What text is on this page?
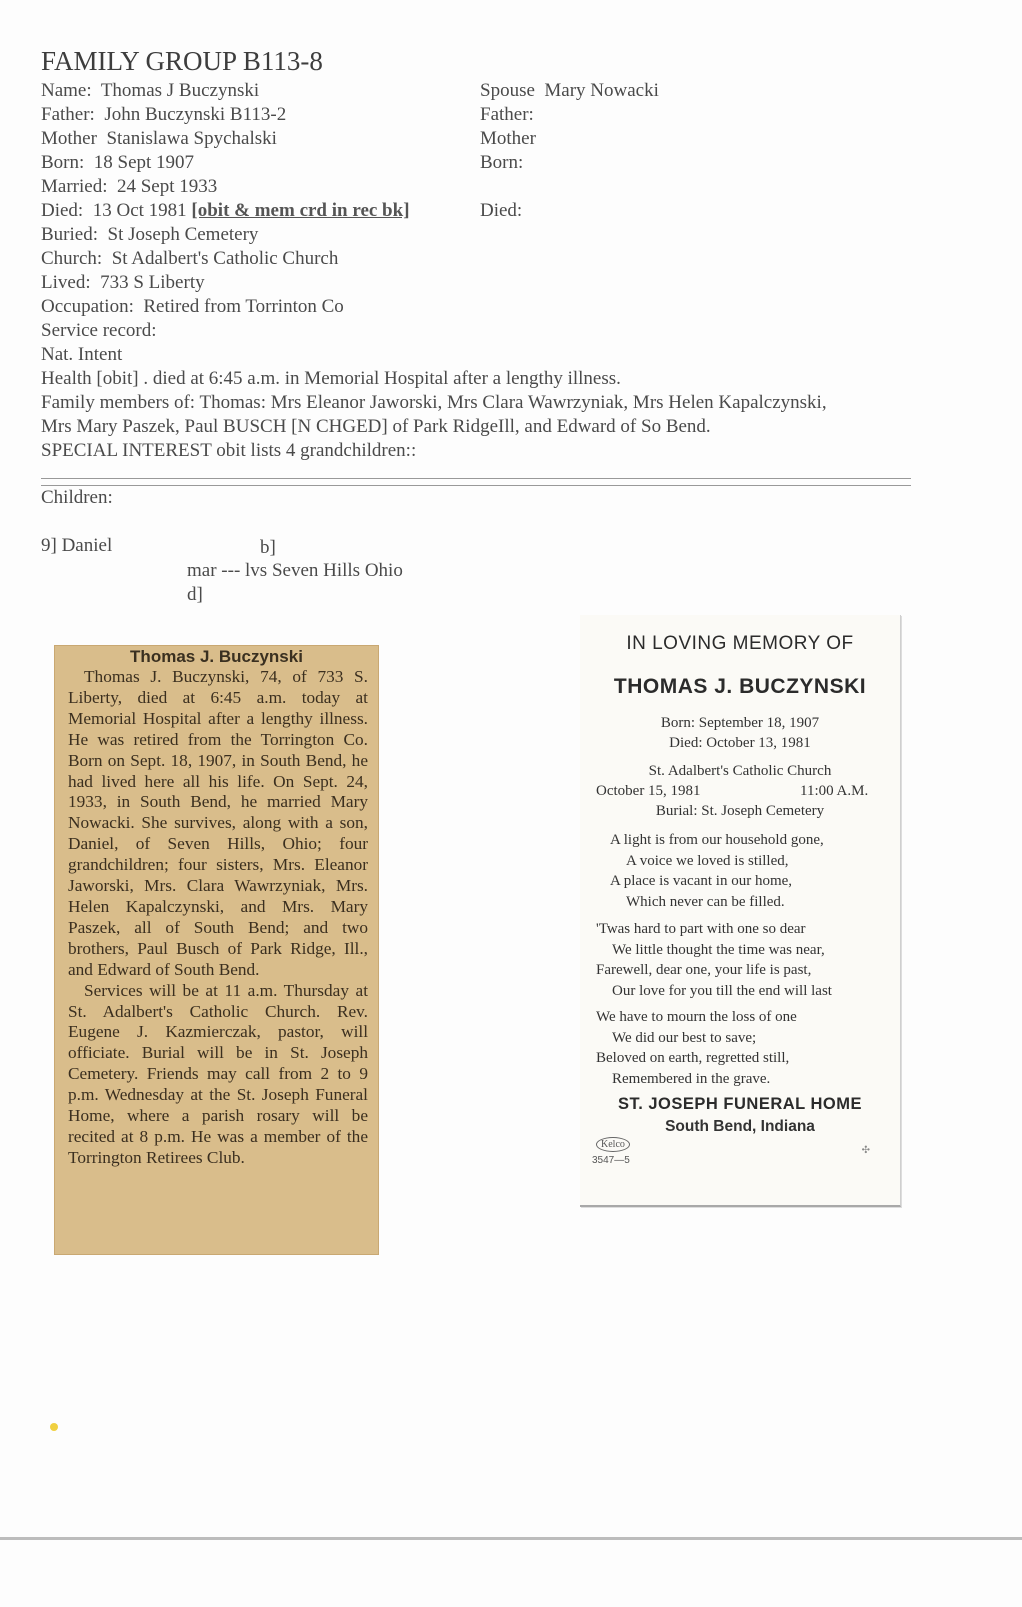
FAMILY GROUP B113-8
Name: Thomas J Buczynski
Father: John Buczynski B113-2
Mother Stanislawa Spychalski
Born: 18 Sept 1907
Married: 24 Sept 1933
Died: 13 Oct 1981 [obit & mem crd in rec bk]
Buried: St Joseph Cemetery
Church: St Adalbert's Catholic Church
Lived: 733 S Liberty
Occupation: Retired from Torrinton Co
Service record:
Nat. Intent
Spouse Mary Nowacki
Father:
Mother
Born:
Died:
Health [obit] . died at 6:45 a.m. in Memorial Hospital after a lengthy illness.
Family members of: Thomas: Mrs Eleanor Jaworski, Mrs Clara Wawrzyniak, Mrs Helen Kapalczynski,
Mrs Mary Paszek, Paul BUSCH [N CHGED] of Park RidgeIll, and Edward of So Bend.
SPECIAL INTEREST obit lists 4 grandchildren::
Children:
9] Daniel	b]
mar --- lvs Seven Hills Ohio
d]
Thomas J. Buczynski

Thomas J. Buczynski, 74, of 733 S. Liberty, died at 6:45 a.m. today at Memorial Hospital after a lengthy illness. He was retired from the Torrington Co. Born on Sept. 18, 1907, in South Bend, he had lived here all his life. On Sept. 24, 1933, in South Bend, he married Mary Nowacki. She survives, along with a son, Daniel, of Seven Hills, Ohio; four grandchildren; four sisters, Mrs. Eleanor Jaworski, Mrs. Clara Wawrzyniak, Mrs. Helen Kapalczynski, and Mrs. Mary Paszek, all of South Bend; and two brothers, Paul Busch of Park Ridge, Ill., and Edward of South Bend.

Services will be at 11 a.m. Thursday at St. Adalbert's Catholic Church. Rev. Eugene J. Kazmierczak, pastor, will officiate. Burial will be in St. Joseph Cemetery. Friends may call from 2 to 9 p.m. Wednesday at the St. Joseph Funeral Home, where a parish rosary will be recited at 8 p.m. He was a member of the Torrington Retirees Club.

IN LOVING MEMORY OF
THOMAS J. BUCZYNSKI
Born: September 18, 1907
Died: October 13, 1981
St. Adalbert's Catholic Church
October 15, 1981	11:00 A.M.
Burial: St. Joseph Cemetery
A light is from our household gone,
A voice we loved is stilled,
A place is vacant in our home,
Which never can be filled.
'Twas hard to part with one so dear
We little thought the time was near,
Farewell, dear one, your life is past,
Our love for you till the end will last
We have to mourn the loss of one
We did our best to save;
Beloved on earth, regretted still,
Remembered in the grave.
ST. JOSEPH FUNERAL HOME
South Bend, Indiana
Kelco
3547—5
✣
